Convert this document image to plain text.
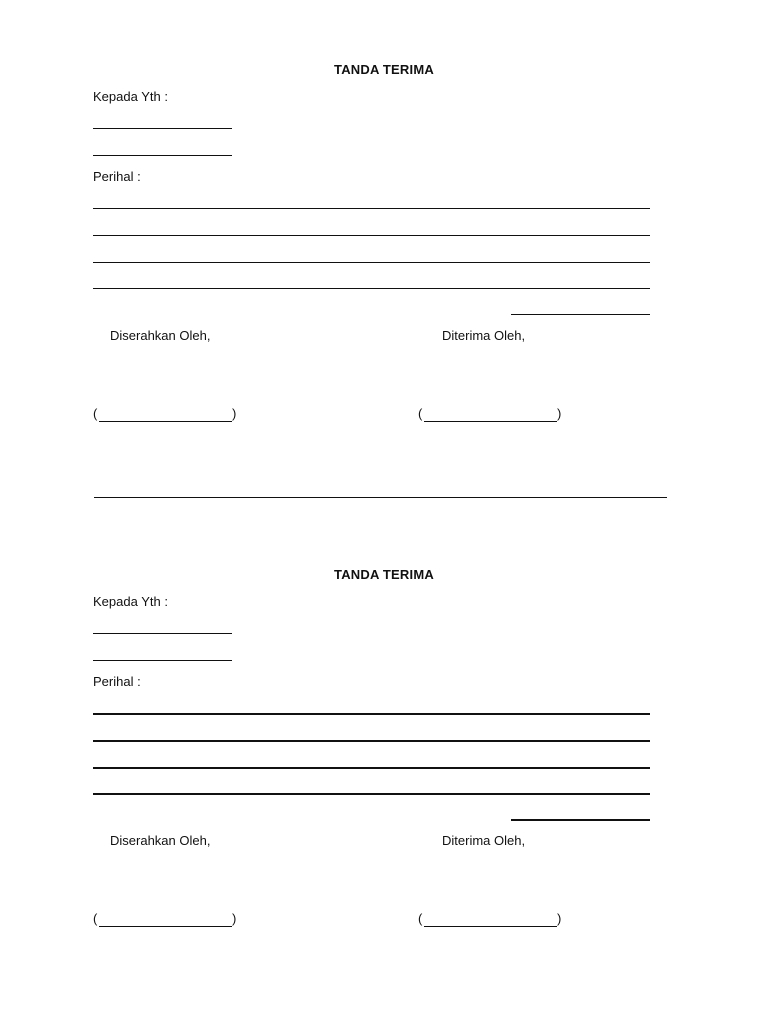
TANDA TERIMA
Kepada Yth :
Perihal :
Diserahkan Oleh,	Diterima Oleh,
(	)	(	)
TANDA TERIMA
Kepada Yth :
Perihal :
Diserahkan Oleh,	Diterima Oleh,
(	)	(	)
